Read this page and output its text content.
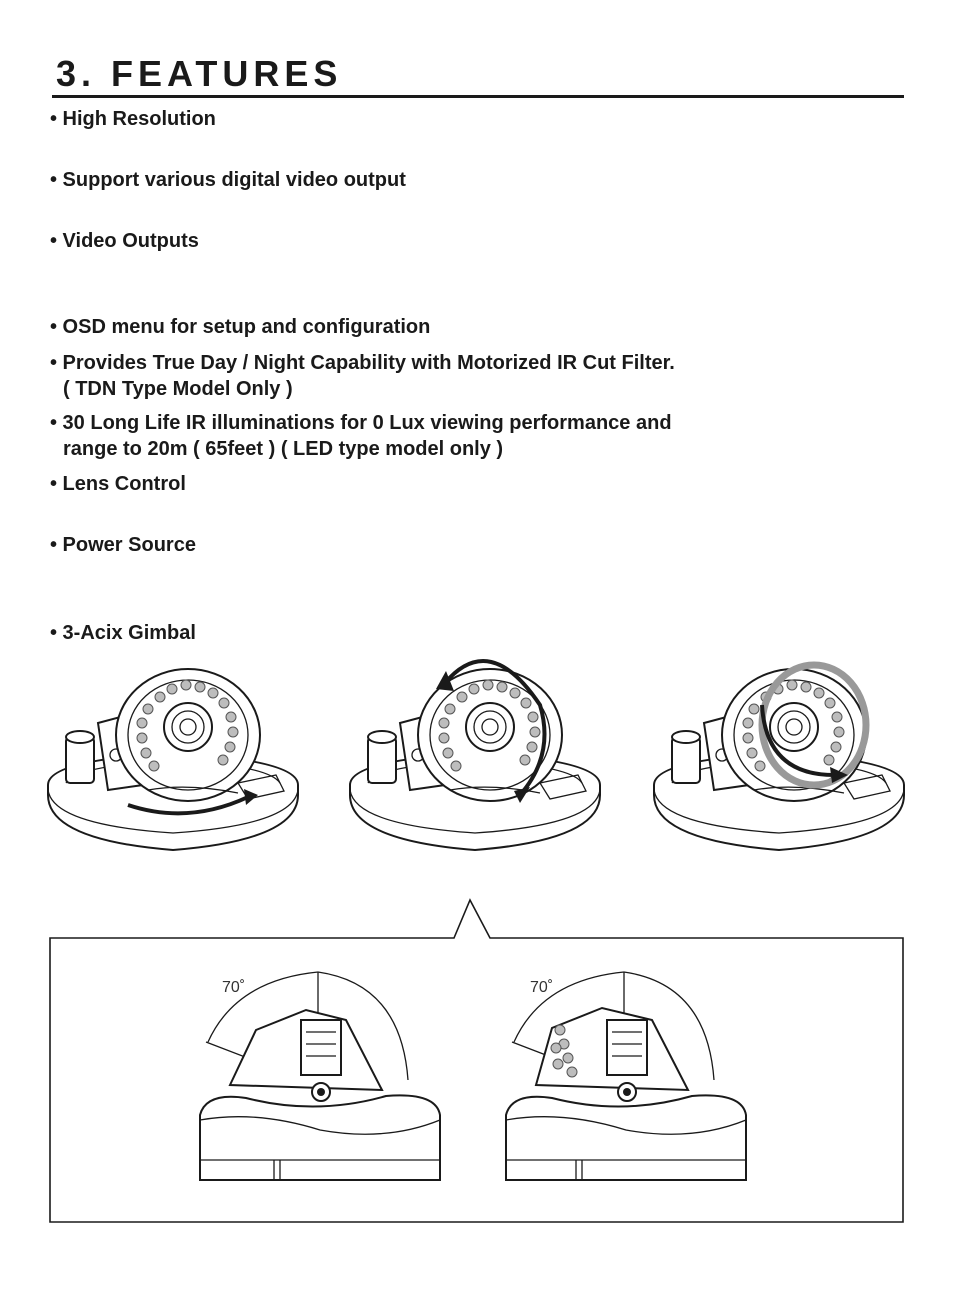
3. FEATURES
• High Resolution
• Support various digital video output
• Video Outputs
• OSD menu for setup and configuration
• Provides True Day / Night Capability with Motorized IR Cut Filter.
( TDN Type Model Only )
• 30 Long Life IR illuminations for 0 Lux viewing performance and
range to 20m ( 65feet ) ( LED type model only )
• Lens Control
• Power Source
• 3-Acix Gimbal
70˚	70˚
